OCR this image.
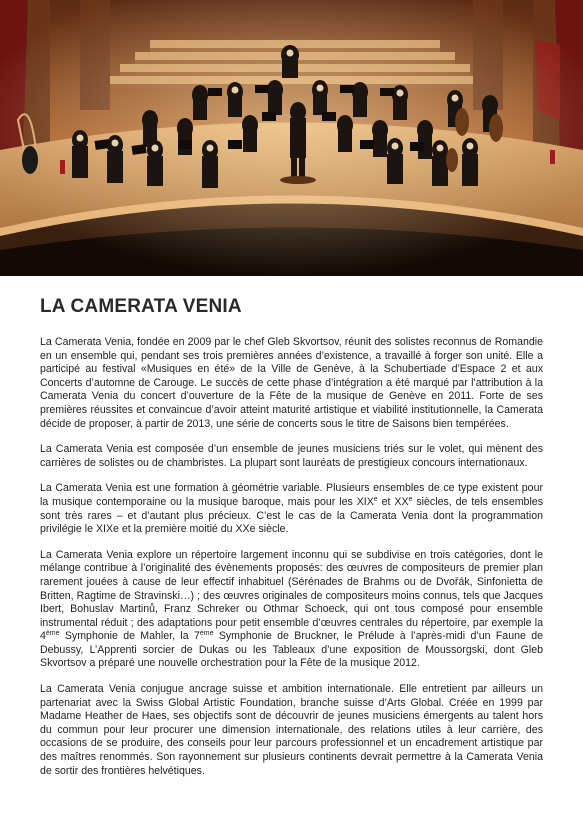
LA CAMERATA VENIA

La Camerata Venia, fondée en 2009 par le chef Gleb Skvortsov, réunit des solistes reconnus de Romandie en un ensemble qui, pendant ses trois premières années d’existence, a travaillé à forger son unité. Elle a participé au festival «Musiques en été» de la Ville de Genève, à la Schubertiade d’Espace 2 et aux Concerts d’automne de Carouge. Le succès de cette phase d’intégration a été marqué par l’attribution à la Camerata Venia du concert d’ouverture de la Fête de la musique de Genève en 2011. Forte de ses premières réussites et convaincue d’avoir atteint maturité artistique et viabilité institutionnelle, la Camerata décide de proposer, à partir de 2013, une série de concerts sous le titre de Saisons bien tempérées.

La Camerata Venia est composée d’un ensemble de jeunes musiciens triés sur le volet, qui mènent des carrières de solistes ou de chambristes. La plupart sont lauréats de prestigieux concours internationaux.

La Camerata Venia est une formation à géométrie variable. Plusieurs ensembles de ce type existent pour la musique contemporaine ou la musique baroque, mais pour les XIXe et XXe siècles, de tels ensembles sont très rares – et d’autant plus précieux. C’est le cas de la Camerata Venia dont la programmation privilégie le XIXe et la première moitié du XXe siècle.

La Camerata Venia explore un répertoire largement inconnu qui se subdivise en trois catégories, dont le mélange contribue à l’originalité des évènements proposés: des œuvres de compositeurs de premier plan rarement jouées à cause de leur effectif inhabituel (Sérénades de Brahms ou de Dvořák, Sinfonietta de Britten, Ragtime de Stravinski…) ; des œuvres originales de compositeurs moins connus, tels que Jacques Ibert, Bohuslav Martinů, Franz Schreker ou Othmar Schoeck, qui ont tous composé pour ensemble instrumental réduit ; des adaptations pour petit ensemble d’œuvres centrales du répertoire, par exemple la 4ème Symphonie de Mahler, la 7ème Symphonie de Bruckner, le Prélude à l’après-midi d’un Faune de Debussy, L’Apprenti sorcier de Dukas ou les Tableaux d’une exposition de Moussorgski, dont Gleb Skvortsov a préparé une nouvelle orchestration pour la Fête de la musique 2012.

La Camerata Venia conjugue ancrage suisse et ambition internationale. Elle entretient par ailleurs un partenariat avec la Swiss Global Artistic Foundation, branche suisse d’Arts Global. Créée en 1999 par Madame Heather de Haes, ses objectifs sont de découvrir de jeunes musiciens émergents au talent hors du commun pour leur procurer une dimension internationale, des relations utiles à leur carrière, des occasions de se produire, des conseils pour leur parcours professionnel et un encadrement artistique par des maîtres renommés. Son rayonnement sur plusieurs continents devrait permettre à la Camerata Venia de sortir des frontières helvétiques.
